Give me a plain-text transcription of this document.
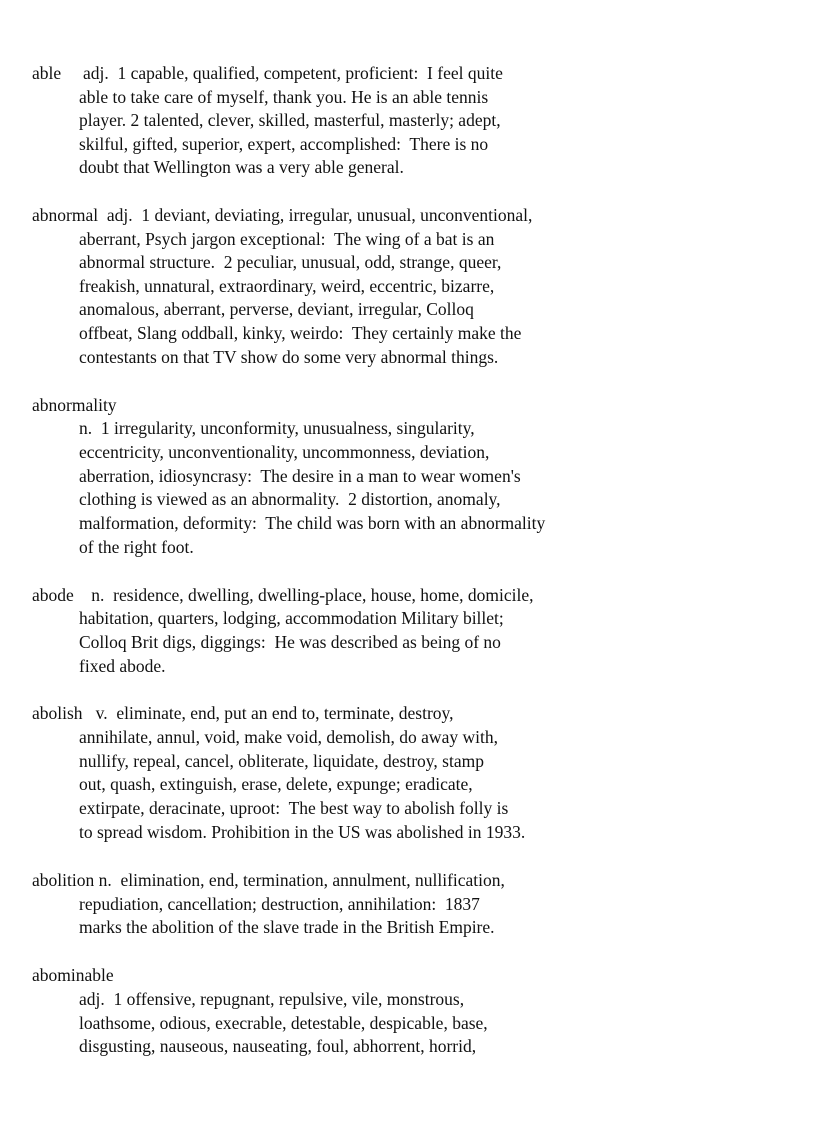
able     adj.  1 capable, qualified, competent, proficient:  I feel quite
able to take care of myself, thank you. He is an able tennis
player. 2 talented, clever, skilled, masterful, masterly; adept,
skilful, gifted, superior, expert, accomplished:  There is no
doubt that Wellington was a very able general.
abnormal  adj.  1 deviant, deviating, irregular, unusual, unconventional,
aberrant, Psych jargon exceptional:  The wing of a bat is an
abnormal structure.  2 peculiar, unusual, odd, strange, queer,
freakish, unnatural, extraordinary, weird, eccentric, bizarre,
anomalous, aberrant, perverse, deviant, irregular, Colloq
offbeat, Slang oddball, kinky, weirdo:  They certainly make the
contestants on that TV show do some very abnormal things.
abnormality
n.  1 irregularity, unconformity, unusualness, singularity,
eccentricity, unconventionality, uncommonness, deviation,
aberration, idiosyncrasy:  The desire in a man to wear women's
clothing is viewed as an abnormality.  2 distortion, anomaly,
malformation, deformity:  The child was born with an abnormality
of the right foot.
abode    n.  residence, dwelling, dwelling-place, house, home, domicile,
habitation, quarters, lodging, accommodation Military billet;
Colloq Brit digs, diggings:  He was described as being of no
fixed abode.
abolish   v.  eliminate, end, put an end to, terminate, destroy,
annihilate, annul, void, make void, demolish, do away with,
nullify, repeal, cancel, obliterate, liquidate, destroy, stamp
out, quash, extinguish, erase, delete, expunge; eradicate,
extirpate, deracinate, uproot:  The best way to abolish folly is
to spread wisdom. Prohibition in the US was abolished in 1933.
abolition n.  elimination, end, termination, annulment, nullification,
repudiation, cancellation; destruction, annihilation:  1837
marks the abolition of the slave trade in the British Empire.
abominable
adj.  1 offensive, repugnant, repulsive, vile, monstrous,
loathsome, odious, execrable, detestable, despicable, base,
disgusting, nauseous, nauseating, foul, abhorrent, horrid,
